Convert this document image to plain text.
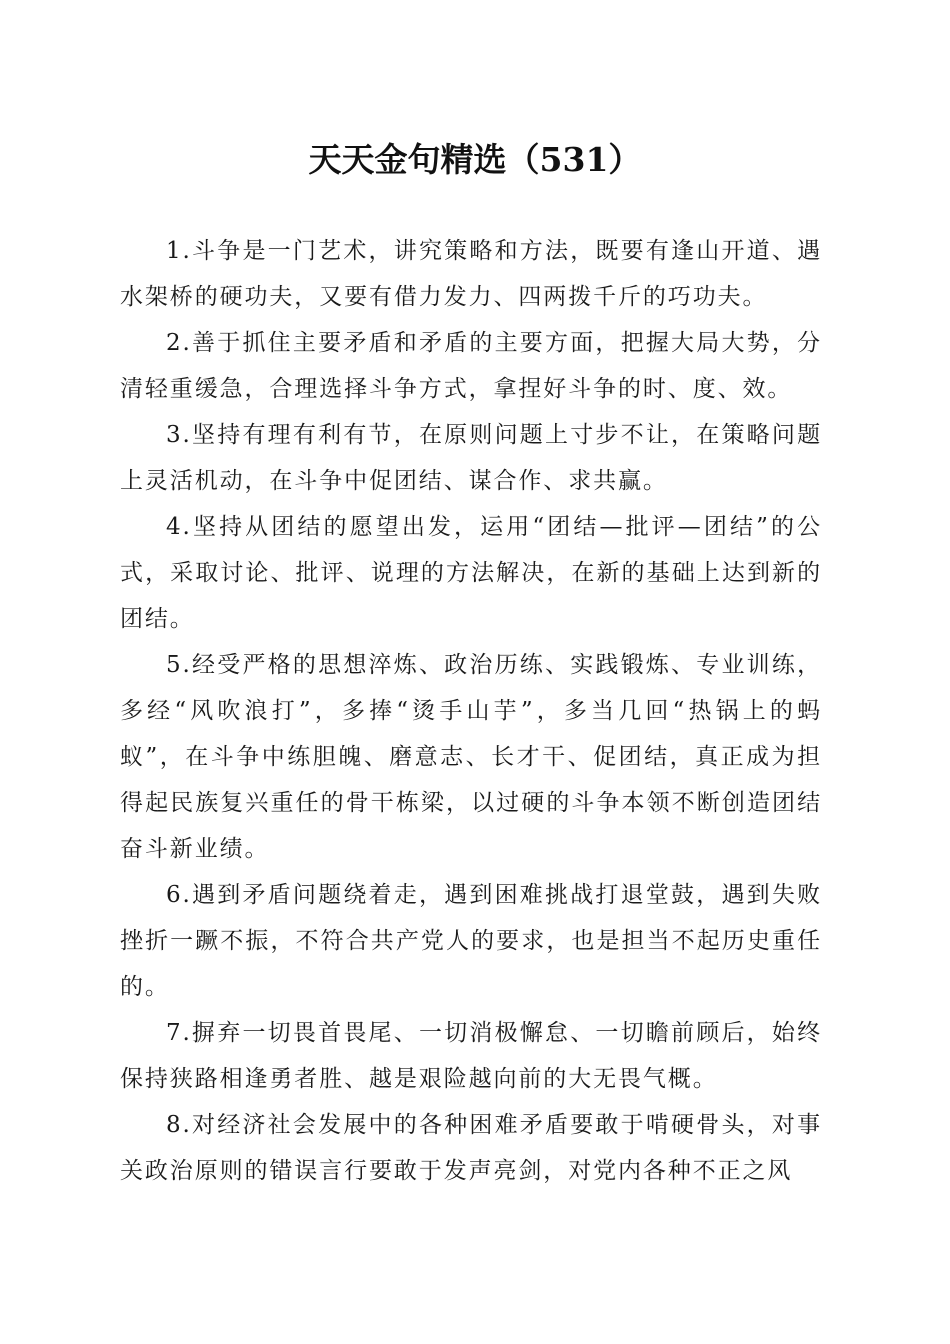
天天金句精选（531）

1.斗争是一门艺术，讲究策略和方法，既要有逢山开道、遇水架桥的硬功夫，又要有借力发力、四两拨千斤的巧功夫。

2.善于抓住主要矛盾和矛盾的主要方面，把握大局大势，分清轻重缓急，合理选择斗争方式，拿捏好斗争的时、度、效。

3.坚持有理有利有节，在原则问题上寸步不让，在策略问题上灵活机动，在斗争中促团结、谋合作、求共赢。

4.坚持从团结的愿望出发，运用“团结—批评—团结”的公式，采取讨论、批评、说理的方法解决，在新的基础上达到新的团结。

5.经受严格的思想淬炼、政治历练、实践锻炼、专业训练，多经“风吹浪打”，多捧“烫手山芋”，多当几回“热锅上的蚂蚁”，在斗争中练胆魄、磨意志、长才干、促团结，真正成为担得起民族复兴重任的骨干栋梁，以过硬的斗争本领不断创造团结奋斗新业绩。

6.遇到矛盾问题绕着走，遇到困难挑战打退堂鼓，遇到失败挫折一蹶不振，不符合共产党人的要求，也是担当不起历史重任的。

7.摒弃一切畏首畏尾、一切消极懈怠、一切瞻前顾后，始终保持狭路相逢勇者胜、越是艰险越向前的大无畏气概。

8.对经济社会发展中的各种困难矛盾要敢于啃硬骨头，对事关政治原则的错误言行要敢于发声亮剑，对党内各种不正之风
